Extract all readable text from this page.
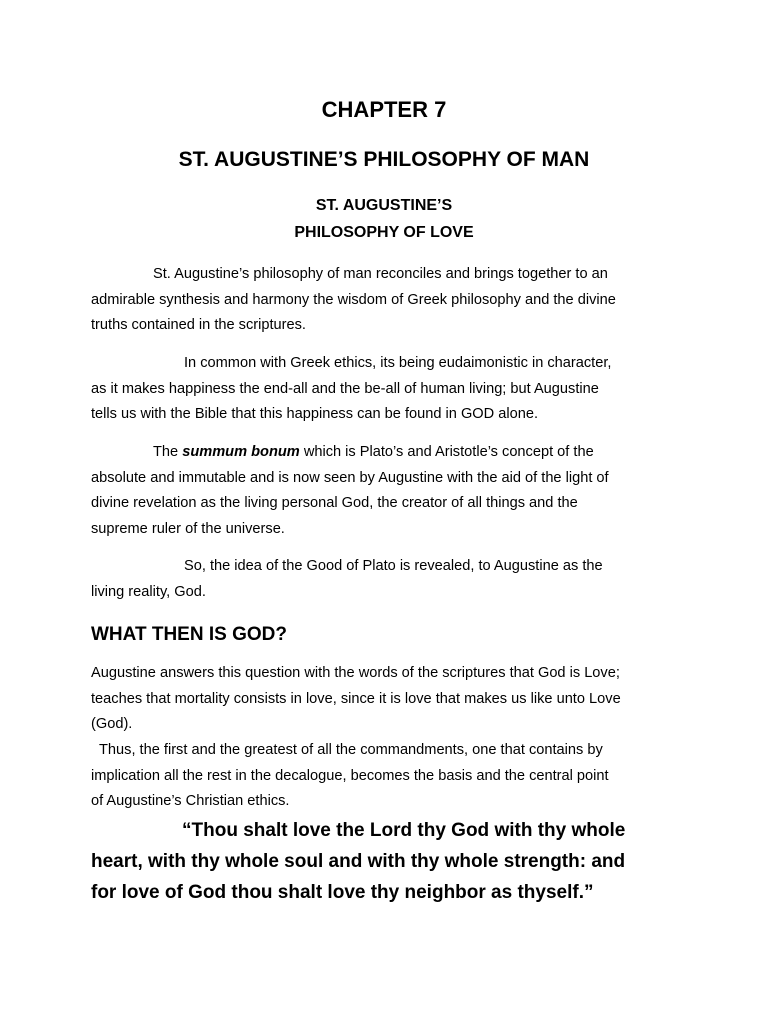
CHAPTER 7
ST. AUGUSTINE’S PHILOSOPHY OF MAN
ST. AUGUSTINE’S
PHILOSOPHY OF LOVE

St. Augustine’s philosophy of man reconciles and brings together to an
admirable synthesis and harmony the wisdom of Greek philosophy and the divine
truths contained in the scriptures.

In common with Greek ethics, its being eudaimonistic in character,
as it makes happiness the end-all and the be-all of human living; but Augustine
tells us with the Bible that this happiness can be found in GOD alone.

The summum bonum which is Plato’s and Aristotle’s concept of the
absolute and immutable and is now seen by Augustine with the aid of the light of
divine revelation as the living personal God, the creator of all things and the
supreme ruler of the universe.

So, the idea of the Good of Plato is revealed, to Augustine as the
living reality, God.

WHAT THEN IS GOD?

Augustine answers this question with the words of the scriptures that God is Love;
teaches that mortality consists in love, since it is love that makes us like unto Love
(God).

Thus, the first and the greatest of all the commandments, one that contains by
implication all the rest in the decalogue, becomes the basis and the central point
of Augustine’s Christian ethics.

“Thou shalt love the Lord thy God with thy whole
heart, with thy whole soul and with thy whole strength: and
for love of God thou shalt love thy neighbor as thyself.”
